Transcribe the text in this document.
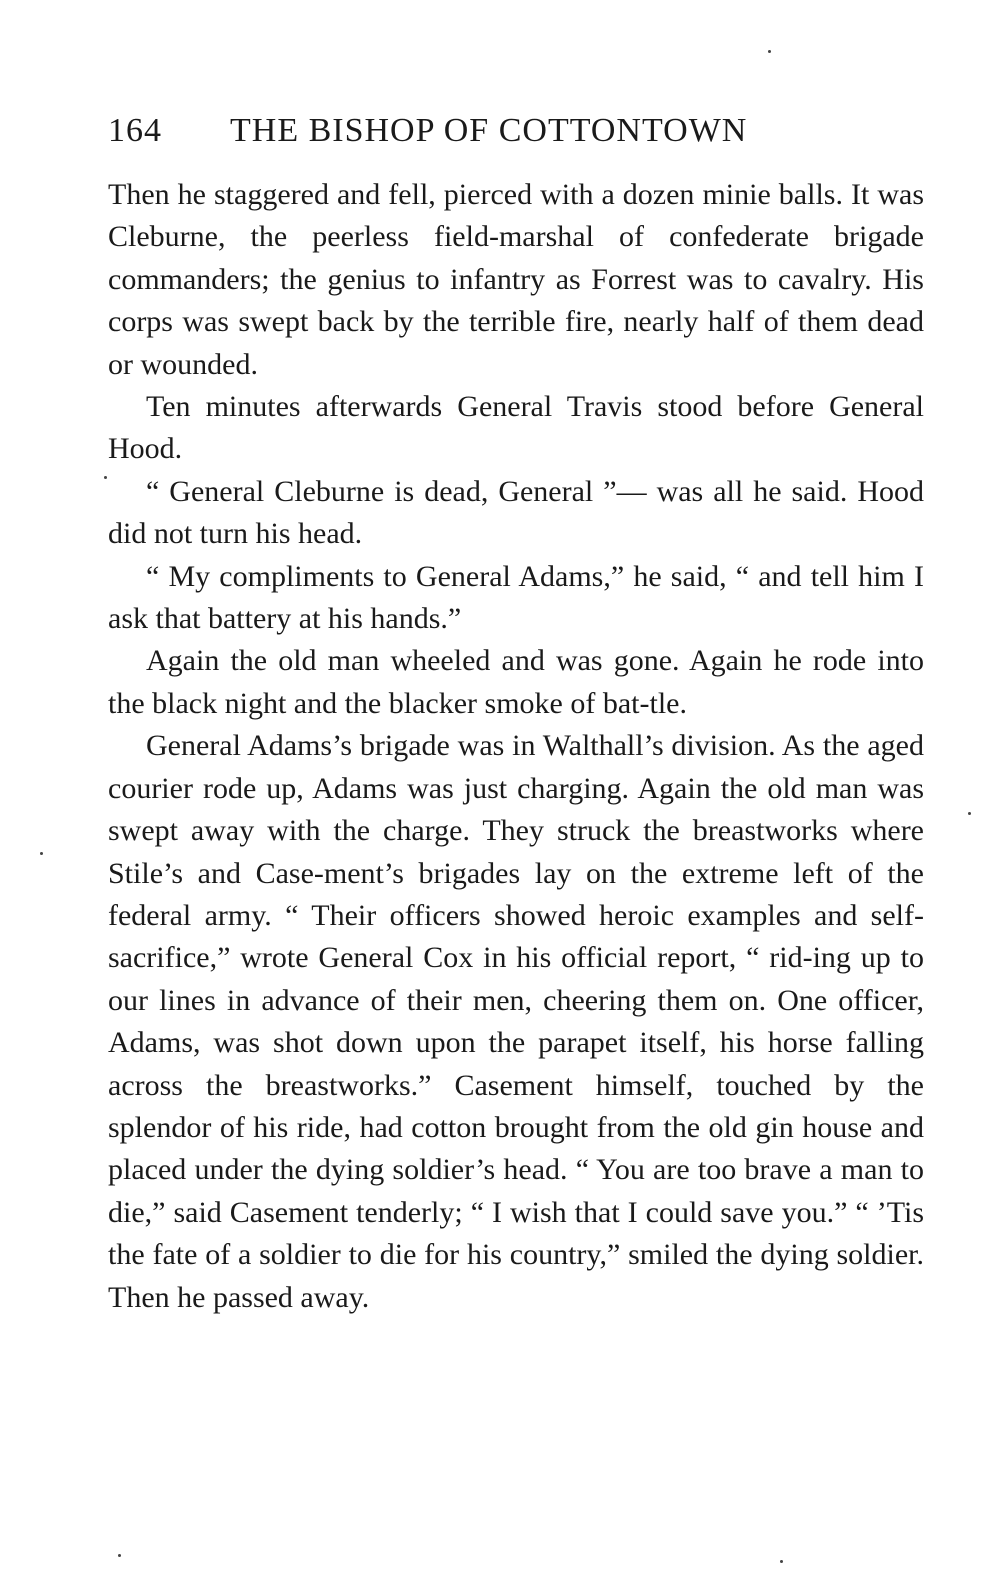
164 THE BISHOP OF COTTONTOWN

Then he staggered and fell, pierced with a dozen minie balls. It was Cleburne, the peerless field-marshal of confederate brigade commanders; the genius to infantry as Forrest was to cavalry. His corps was swept back by the terrible fire, nearly half of them dead or wounded.

Ten minutes afterwards General Travis stood before General Hood.

“ General Cleburne is dead, General ”— was all he said. Hood did not turn his head.

“ My compliments to General Adams,” he said, “ and tell him I ask that battery at his hands.”

Again the old man wheeled and was gone. Again he rode into the black night and the blacker smoke of bat-tle.

General Adams’s brigade was in Walthall’s division. As the aged courier rode up, Adams was just charging. Again the old man was swept away with the charge. They struck the breastworks where Stile’s and Case-ment’s brigades lay on the extreme left of the federal army. “ Their officers showed heroic examples and self-sacrifice,” wrote General Cox in his official report, “ rid-ing up to our lines in advance of their men, cheering them on. One officer, Adams, was shot down upon the parapet itself, his horse falling across the breastworks.” Casement himself, touched by the splendor of his ride, had cotton brought from the old gin house and placed under the dying soldier’s head. “ You are too brave a man to die,” said Casement tenderly; “ I wish that I could save you.” “ ’Tis the fate of a soldier to die for his country,” smiled the dying soldier. Then he passed away.
